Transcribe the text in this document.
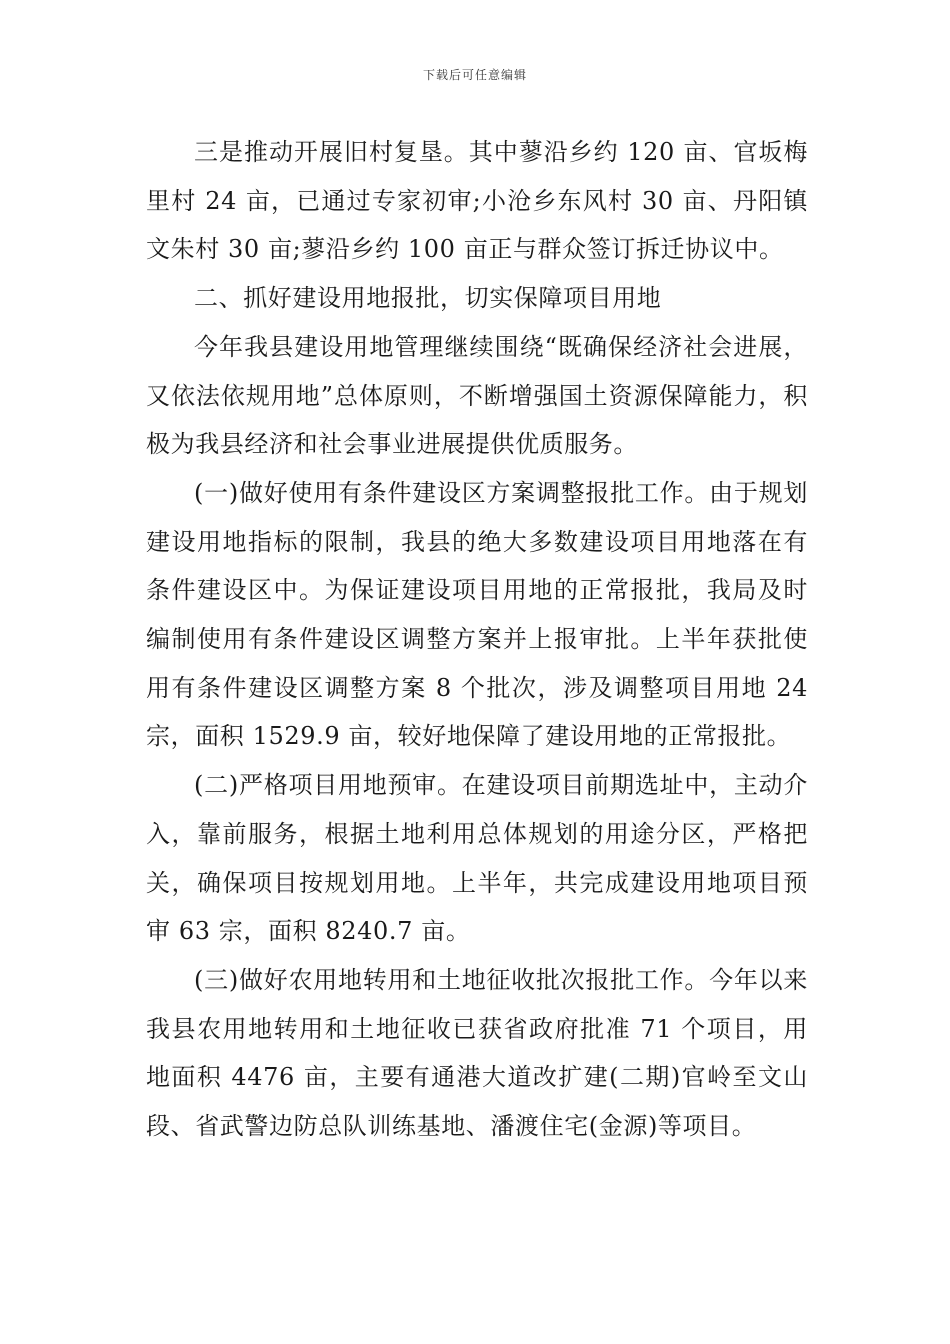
下载后可任意编辑

三是推动开展旧村复垦。其中蓼沿乡约 120 亩、官坂梅里村 24 亩，已通过专家初审;小沧乡东风村 30 亩、丹阳镇文朱村 30 亩;蓼沿乡约 100 亩正与群众签订拆迁协议中。

二、抓好建设用地报批，切实保障项目用地

今年我县建设用地管理继续围绕“既确保经济社会进展，又依法依规用地”总体原则，不断增强国土资源保障能力，积极为我县经济和社会事业进展提供优质服务。

(一)做好使用有条件建设区方案调整报批工作。由于规划建设用地指标的限制，我县的绝大多数建设项目用地落在有条件建设区中。为保证建设项目用地的正常报批，我局及时编制使用有条件建设区调整方案并上报审批。上半年获批使用有条件建设区调整方案 8 个批次，涉及调整项目用地 24 宗，面积 1529.9 亩，较好地保障了建设用地的正常报批。

(二)严格项目用地预审。在建设项目前期选址中，主动介入，靠前服务，根据土地利用总体规划的用途分区，严格把关，确保项目按规划用地。上半年，共完成建设用地项目预审 63 宗，面积 8240.7 亩。

(三)做好农用地转用和土地征收批次报批工作。今年以来我县农用地转用和土地征收已获省政府批准 71 个项目，用地面积 4476 亩，主要有通港大道改扩建(二期)官岭至文山段、省武警边防总队训练基地、潘渡住宅(金源)等项目。
